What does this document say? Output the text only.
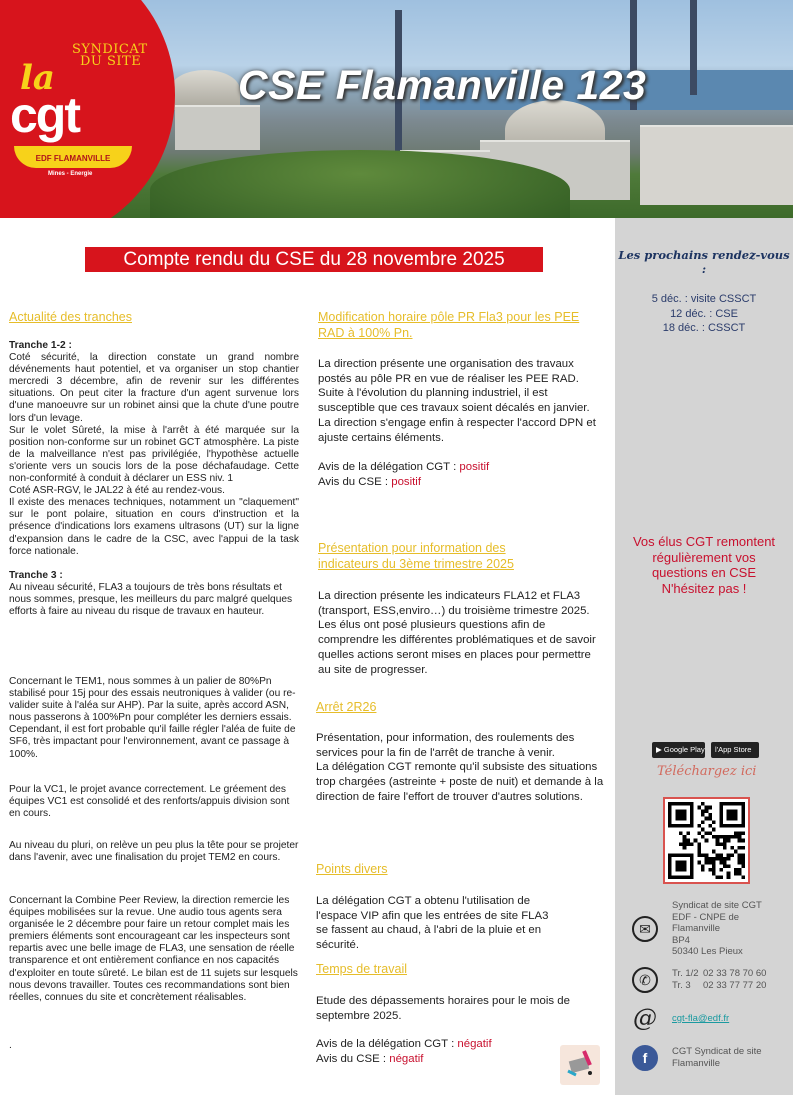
CSE Flamanville 123
SYNDICAT
DU SITE
la
cgt
EDF FLAMANVILLE
Mines - Energie
Compte rendu du CSE du 28 novembre 2025
Actualité des tranches
Tranche 1-2 :
Coté sécurité, la direction constate un grand nombre dévénements haut potentiel, et va organiser un stop chantier mercredi 3 décembre, afin de revenir sur les différentes situations. On peut citer la fracture d'un agent survenue lors d'une manoeuvre sur un robinet ainsi que la chute d'une poutre lors d'un levage.
Sur le volet Sûreté, la mise à l'arrêt à été marquée sur la position non-conforme sur un robinet GCT atmosphère. La piste de la malveillance n'est pas privilégiée, l'hypothèse actuelle s'oriente vers un soucis lors de la pose déchafaudage. Cette non-conformité à conduit à déclarer un ESS niv. 1
Coté ASR-RGV, le JAL22 à été au rendez-vous.
Il existe des menaces techniques, notamment un "claquement" sur le pont polaire, situation en cours d'instruction et la présence d'indications lors examens ultrasons (UT) sur la ligne d'expansion dans le cadre de la CSC, avec l'appui de la task force nationale.
Tranche 3 :
Au niveau sécurité, FLA3 a toujours de très bons résultats et nous sommes, presque, les meilleurs du parc malgré quelques efforts à faire au niveau du risque de travaux en hauteur.
Concernant le TEM1, nous sommes à un palier de 80%Pn stabilisé pour 15j pour des essais neutroniques à valider (ou re-valider suite à l'aléa sur AHP). Par la suite, après accord ASN, nous passerons à 100%Pn pour compléter les derniers essais. Cependant, il est fort probable qu'il faille régler l'aléa de fuite de SF6, très impactant pour l'environnement, avant ce passage à 100%.
Pour la VC1, le projet avance correctement. Le gréement des équipes VC1 est consolidé et des renforts/appuis division sont en cours.
Au niveau du pluri, on relève un peu plus la tête pour se projeter dans l'avenir, avec une finalisation du projet TEM2 en cours.
Concernant la Combine Peer Review, la direction remercie les équipes mobilisées sur la revue. Une audio tous agents sera organisée le 2 décembre pour faire un retour complet mais les premiers éléments sont encourageant car les inspecteurs sont repartis avec une belle image de FLA3, une sensation de réelle transparence et ont entièrement confiance en nos capacités d'exploiter en toute sûreté. Le bilan est de 11 sujets sur lesquels nous devons travailler. Toutes ces recommandations sont bien réelles, connues du site et concrètement réalisables.
.
Modification horaire pôle PR Fla3 pour les PEE RAD à 100% Pn.
La direction présente une organisation des travaux postés au pôle PR en vue de réaliser les PEE RAD.
Suite à l'évolution du planning industriel, il est susceptible que ces travaux soient décalés en janvier.
La direction s'engage enfin à respecter l'accord DPN et ajuste certains éléments.
Avis de la délégation CGT : positif
Avis du CSE : positif
Présentation pour information des indicateurs du 3ème trimestre 2025
La direction présente les indicateurs FLA12 et FLA3 (transport, ESS,enviro…) du troisième trimestre 2025. Les élus ont posé plusieurs questions afin de comprendre les différentes problématiques et de savoir quelles actions seront mises en places pour permettre au site de progresser.
Arrêt 2R26
Présentation, pour information, des roulements des services pour la fin de l'arrêt de tranche à venir.
La délégation CGT remonte qu'il subsiste des situations trop chargées (astreinte + poste de nuit) et demande à la direction de faire l'effort de trouver d'autres solutions.
Points divers
La délégation CGT a obtenu l'utilisation de l'espace VIP afin que les entrées de site FLA3 se fassent au chaud, à l'abri de la pluie et en sécurité.
Temps de travail
Etude des dépassements horaires pour le mois de septembre 2025.
Avis de la délégation CGT : négatif
Avis du CSE : négatif
Les prochains rendez-vous :
5 déc. : visite CSSCT
12 déc. : CSE
18 déc. : CSSCT
Vos élus CGT remontent
régulièrement vos
questions en CSE
N'hésitez pas !
▶ Google Play	l'App Store
Téléchargez ici
✉
Syndicat de site CGT
EDF - CNPE de
Flamanville
BP4
50340 Les Pieux
✆	Tr. 1/2 02 33 78 70 60
Tr. 3 02 33 77 77 20
@ cgt-fla@edf.fr
f	CGT Syndicat de site
Flamanville
